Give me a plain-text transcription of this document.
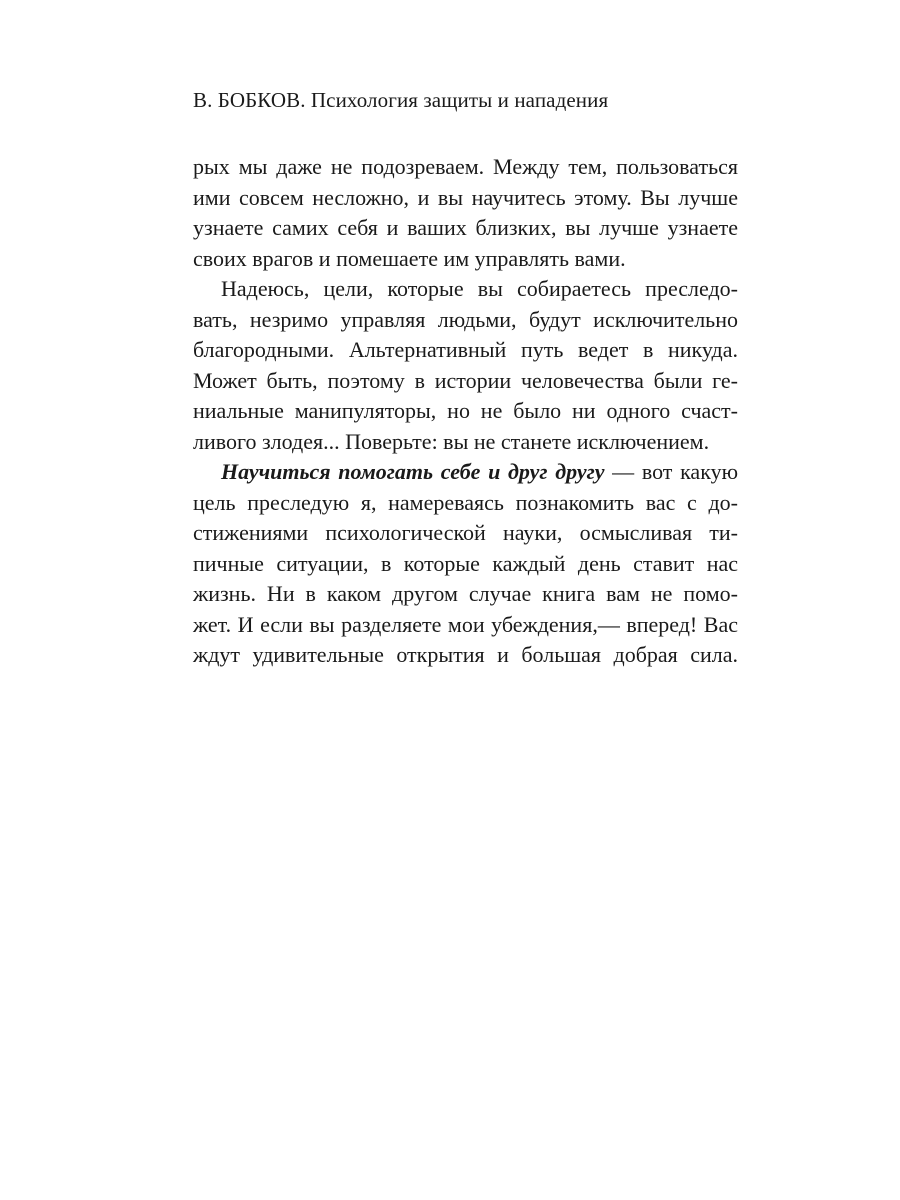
В. БОБКОВ. Психология защиты и нападения
рых мы даже не подозреваем. Между тем, пользоваться
ими совсем несложно, и вы научитесь этому. Вы лучше
узнаете самих себя и ваших близких, вы лучше узнаете
своих врагов и помешаете им управлять вами.
Надеюсь, цели, которые вы собираетесь преследо-
вать, незримо управляя людьми, будут исключительно
благородными. Альтернативный путь ведет в никуда.
Может быть, поэтому в истории человечества были ге-
ниальные манипуляторы, но не было ни одного счаст-
ливого злодея... Поверьте: вы не станете исключением.
Научиться помогать себе и друг другу — вот какую
цель преследую я, намереваясь познакомить вас с до-
стижениями психологической науки, осмысливая ти-
пичные ситуации, в которые каждый день ставит нас
жизнь. Ни в каком другом случае книга вам не помо-
жет. И если вы разделяете мои убеждения,— вперед! Вас
ждут удивительные открытия и большая добрая сила.
